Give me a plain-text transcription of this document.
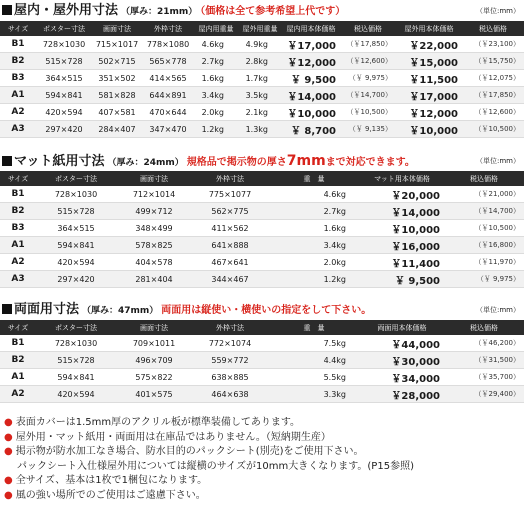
屋内・屋外用寸法 （厚み：21mm） （価格は全て参考希望上代です）	（単位:mm）
サイズ	ポスター寸法	画面寸法	外枠寸法	屋内用重量	屋外用重量	屋内用本体価格	税込価格	屋外用本体価格	税込価格
B1	728×1030	715×1017	778×1080	4.6kg	4.9kg	￥17,000	（￥17,850）	￥22,000	（￥23,100）
B2	515×728	502×715	565×778	2.7kg	2.8kg	￥12,000	（￥12,600）	￥15,000	（￥15,750）
B3	364×515	351×502	414×565	1.6kg	1.7kg	￥ 9,500	（￥ 9,975）	￥11,500	（￥12,075）
A1	594×841	581×828	644×891	3.4kg	3.5kg	￥14,000	（￥14,700）	￥17,000	（￥17,850）
A2	420×594	407×581	470×644	2.0kg	2.1kg	￥10,000	（￥10,500）	￥12,000	（￥12,600）
A3	297×420	284×407	347×470	1.2kg	1.3kg	￥ 8,700	（￥ 9,135）	￥10,000	（￥10,500）
マット紙用寸法 （厚み：24mm） 規格品で掲示物の厚さ7mmまで対応できます。	（単位:mm）
サイズ	ポスター寸法	画面寸法	外枠寸法	重　量	マット用本体価格	税込価格
B1	728×1030	712×1014	775×1077	4.6kg	￥20,000	（￥21,000）
B2	515×728	499×712	562×775	2.7kg	￥14,000	（￥14,700）
B3	364×515	348×499	411×562	1.6kg	￥10,000	（￥10,500）
A1	594×841	578×825	641×888	3.4kg	￥16,000	（￥16,800）
A2	420×594	404×578	467×641	2.0kg	￥11,400	（￥11,970）
A3	297×420	281×404	344×467	1.2kg	￥ 9,500	（￥ 9,975）
両面用寸法 （厚み：47mm） 両面用は縦使い・横使いの指定をして下さい。	（単位:mm）
サイズ	ポスター寸法	画面寸法	外枠寸法	重　量	両面用本体価格	税込価格
B1	728×1030	709×1011	772×1074	7.5kg	￥44,000	（￥46,200）
B2	515×728	496×709	559×772	4.4kg	￥30,000	（￥31,500）
A1	594×841	575×822	638×885	5.5kg	￥34,000	（￥35,700）
A2	420×594	401×575	464×638	3.3kg	￥28,000	（￥29,400）
● 表面カバーは1.5mm厚のアクリル板が標準装備してあります。
● 屋外用・マット紙用・両面用は在庫品ではありません。（短納期生産）
● 掲示物が防水加工なき場合、防水目的のパックシート(別売)をご使用下さい。
パックシート入仕様屋外用については縦横のサイズが10mm大きくなります。(P15参照)
● 全サイズ、基本は1枚で1梱包になります。
● 風の強い場所でのご使用はご遠慮下さい。
